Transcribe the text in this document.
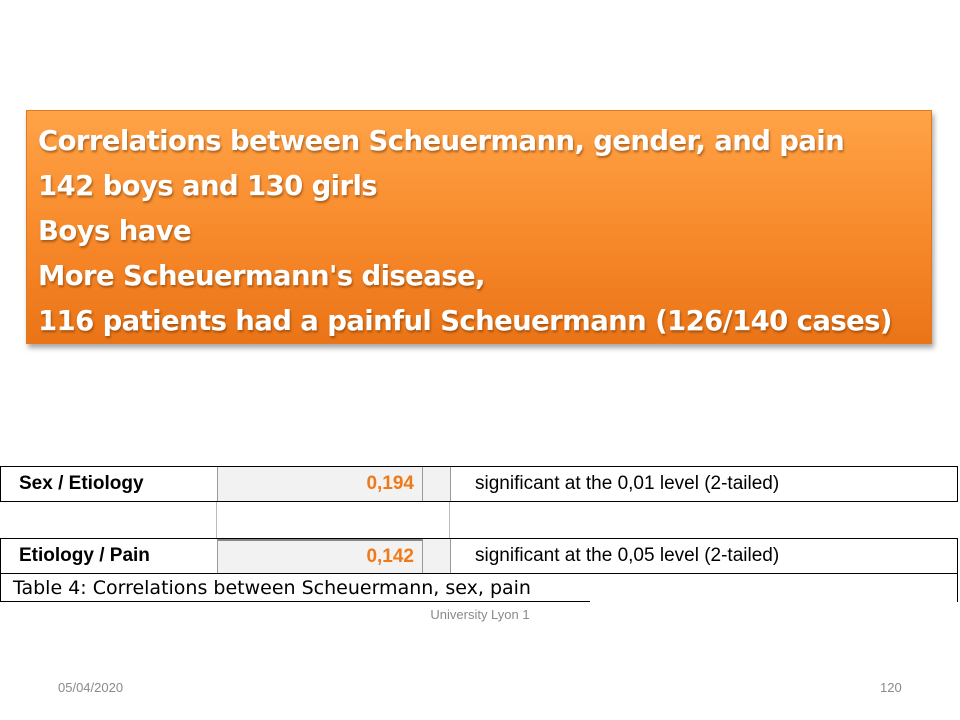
Correlations between Scheuermann, gender, and pain
142 boys and 130 girls
Boys have
More Scheuermann's disease,
116 patients had a painful Scheuermann (126/140 cases)
Sex / Etiology	0,194	significant at the 0,01 level (2-tailed)
Etiology / Pain	0,142	significant at the 0,05 level (2-tailed)
Table 4: Correlations between Scheuermann, sex, pain
University Lyon 1
05/04/2020	120
